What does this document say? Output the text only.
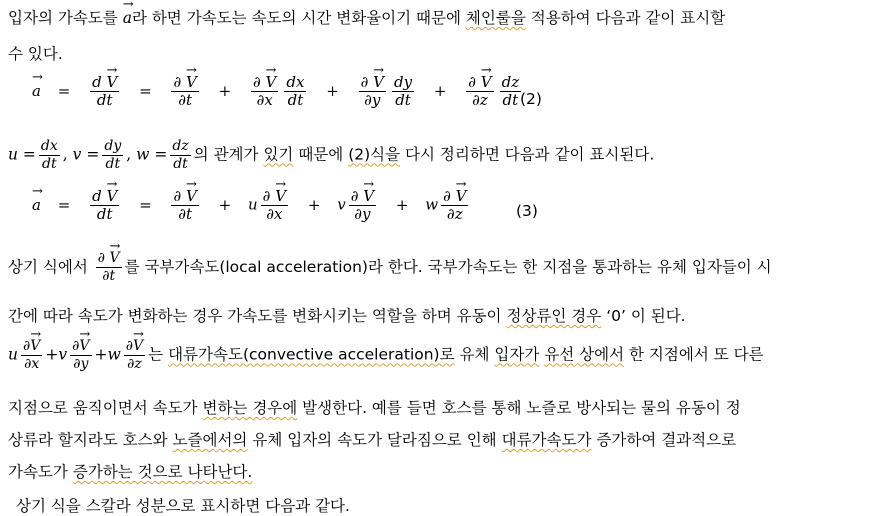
입자의 가속도를 → a라 하면 가속도는 속도의 시간 변화율이기 때문에 체인룰을 적용하여 다음과 같이 표시할
수 있다.
→ $a = \frac{d \to V}{dt} = \frac{\partial \to V}{\partial t} + \frac{\partial \to V}{\partial x} \frac{dx}{dt} + \frac{\partial \to V}{\partial y} \frac{dy}{dt} + \frac{\partial \to V}{\partial z} \frac{dz}{dt}$
(2)
$u = \frac{dx}{dt}$ , $v = \frac{dy}{dt}$ , $w = \frac{dz}{dt}$ 의 관계가 있기 때문에 (2)식을 다시 정리하면 다음과 같이 표시된다.
→ $a = \frac{d \to V}{dt} = \frac{\partial \to V}{\partial t} + u \frac{\partial \to V}{\partial x} + v \frac{\partial \to V}{\partial y} + w \frac{\partial \to V}{\partial z}$	(3)
상기 식에서 $\frac{\partial \to V}{\partial t}$ 를 국부가속도(local acceleration)라 한다. 국부가속도는 한 지점을 통과하는 유체 입자들이 시
간에 따라 속도가 변화하는 경우 가속도를 변화시키는 역할을 하며 유동이 정상류인 경우 ‘0’ 이 된다.
u $\frac{\partial\to V}{\partial x} +v \frac{\partial\to V}{\partial y} +w \frac{\partial\to V}{\partial z}$ 는 대류가속도(convective acceleration)로 유체 입자가 유선 상에서 한 지점에서 또 다른
지점으로 움직이면서 속도가 변하는 경우에 발생한다. 예를 들면 호스를 통해 노즐로 방사되는 물의 유동이 정
상류라 할지라도 호스와 노즐에서의 유체 입자의 속도가 달라짐으로 인해 대류가속도가 증가하여 결과적으로
가속도가 증가하는 것으로 나타난다.
상기 식을 스칼라 성분으로 표시하면 다음과 같다.
